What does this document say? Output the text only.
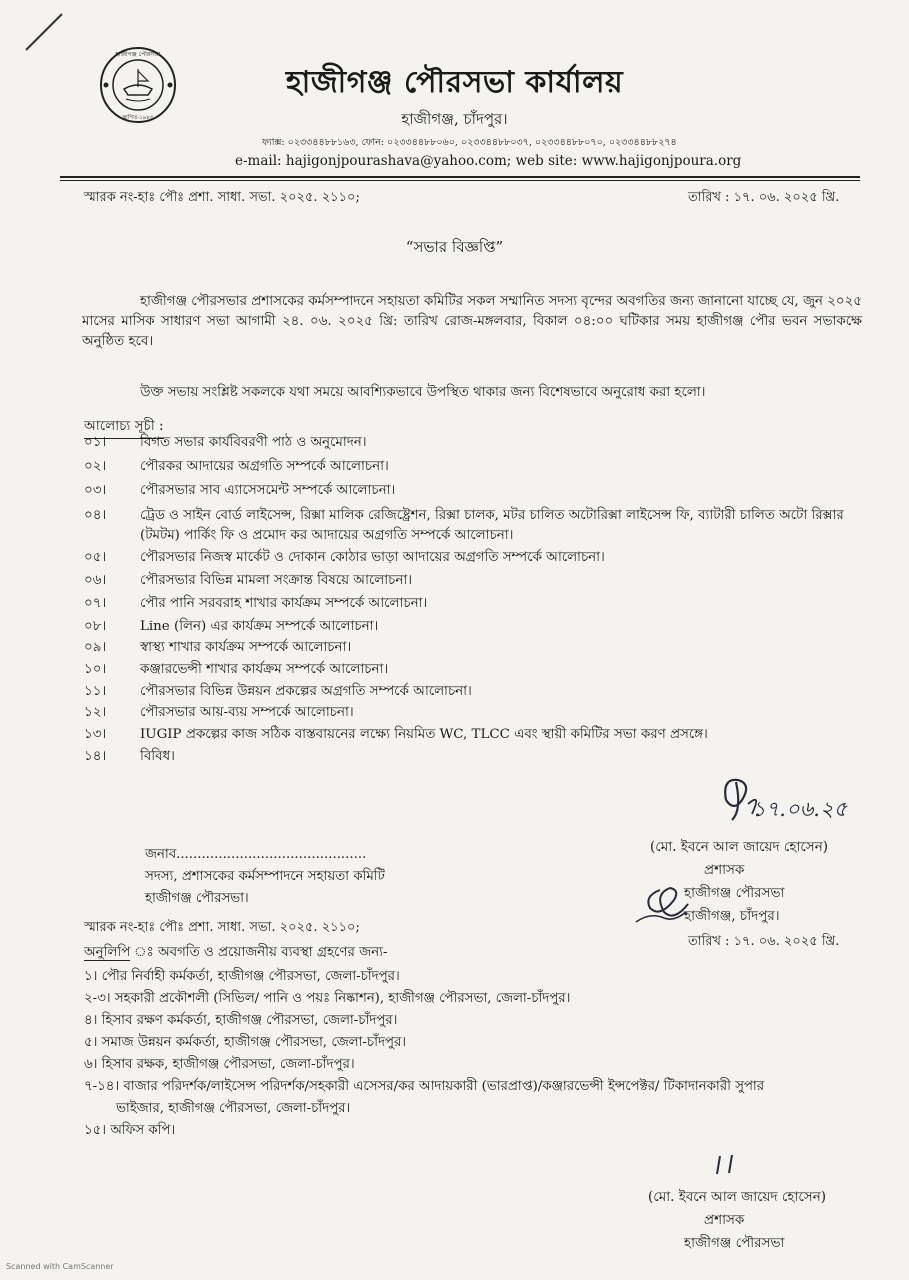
হাজীগঞ্জ পৌরসভা
স্থাপিত-১৯৮৫
হাজীগঞ্জ পৌরসভা কার্যালয়
হাজীগঞ্জ, চাঁদপুর।
ফ্যাক্স: ০২৩৩৪৪৮৮১৬৩, ফোন: ০২৩৩৪৪৮৮০৬০, ০২৩৩৪৪৮৮০৩৭, ০২৩৩৪৪৮৮০৭০, ০২৩৩৪৪৮৮২৭৪
e-mail: hajigonjpourashava@yahoo.com; web site: www.hajigonjpoura.org
স্মারক নং-হাঃ পৌঃ প্রশা. সাধা. সভা. ২০২৫. ২১১০;	তারিখ : ১৭. ০৬. ২০২৫ খ্রি.
“সভার বিজ্ঞপ্তি”
হাজীগঞ্জ পৌরসভার প্রশাসকের কর্মসম্পাদনে সহায়তা কমিটির সকল সম্মানিত সদস্য বৃন্দের অবগতির জন্য জানানো যাচ্ছে যে, জুন ২০২৫ মাসের মাসিক সাধারণ সভা আগামী ২৪. ০৬. ২০২৫ খ্রি: তারিখ রোজ-মঙ্গলবার, বিকাল ০৪:০০ ঘটিকার সময় হাজীগঞ্জ পৌর ভবন সভাকক্ষে অনুষ্ঠিত হবে।
উক্ত সভায় সংশ্লিষ্ট সকলকে যথা সময়ে আবশ্যিকভাবে উপস্থিত থাকার জন্য বিশেষভাবে অনুরোধ করা হলো।
আলোচ্য সূচী :
০১।	বিগত সভার কার্যবিবরণী পাঠ ও অনুমোদন।
০২।	পৌরকর আদায়ের অগ্রগতি সম্পর্কে আলোচনা।
০৩।	পৌরসভার সাব এ্যাসেসমেন্ট সম্পর্কে আলোচনা।
০৪।	ট্রেড ও সাইন বোর্ড লাইসেন্স, রিক্সা মালিক রেজিষ্ট্রেশন, রিক্সা চালক, মটর চালিত অটোরিক্সা লাইসেন্স ফি, ব্যাটারী চালিত অটো রিক্সার (টমটম) পার্কিং ফি ও প্রমোদ কর আদায়ের অগ্রগতি সম্পর্কে আলোচনা।
০৫।	পৌরসভার নিজস্ব মার্কেট ও দোকান কোঠার ভাড়া আদায়ের অগ্রগতি সম্পর্কে আলোচনা।
০৬।	পৌরসভার বিভিন্ন মামলা সংক্রান্ত বিষয়ে আলোচনা।
০৭।	পৌর পানি সরবরাহ শাখার কার্যক্রম সম্পর্কে আলোচনা।
০৮।	Line (লিন) এর কার্যক্রম সম্পর্কে আলোচনা।
০৯।	স্বাস্থ্য শাখার কার্যক্রম সম্পর্কে আলোচনা।
১০।	কঞ্জারভেন্সী শাখার কার্যক্রম সম্পর্কে আলোচনা।
১১।	পৌরসভার বিভিন্ন উন্নয়ন প্রকল্পের অগ্রগতি সম্পর্কে আলোচনা।
১২।	পৌরসভার আয়-ব্যয় সম্পর্কে আলোচনা।
১৩।	IUGIP প্রকল্পের কাজ সঠিক বাস্তবায়নের লক্ষ্যে নিয়মিত WC, TLCC এবং স্থায়ী কমিটির সভা করণ প্রসঙ্গে।
১৪।	বিবিধ।
১৭.০৬.২৫
জনাব.............................................
সদস্য, প্রশাসকের কর্মসম্পাদনে সহায়তা কমিটি
হাজীগঞ্জ পৌরসভা।
(মো. ইবনে আল জায়েদ হোসেন)
প্রশাসক
হাজীগঞ্জ পৌরসভা
হাজীগঞ্জ, চাঁদপুর।
স্মারক নং-হাঃ পৌঃ প্রশা. সাধা. সভা. ২০২৫. ২১১০;
তারিখ : ১৭. ০৬. ২০২৫ খ্রি.
অনুলিপি ঃ অবগতি ও প্রয়োজনীয় ব্যবস্থা গ্রহণের জন্য-
১। পৌর নির্বাহী কর্মকর্তা, হাজীগঞ্জ পৌরসভা, জেলা-চাঁদপুর।
২-৩। সহকারী প্রকৌশলী (সিভিল/ পানি ও পয়ঃ নিষ্কাশন), হাজীগঞ্জ পৌরসভা, জেলা-চাঁদপুর।
৪। হিসাব রক্ষণ কর্মকর্তা, হাজীগঞ্জ পৌরসভা, জেলা-চাঁদপুর।
৫। সমাজ উন্নয়ন কর্মকর্তা, হাজীগঞ্জ পৌরসভা, জেলা-চাঁদপুর।
৬। হিসাব রক্ষক, হাজীগঞ্জ পৌরসভা, জেলা-চাঁদপুর।
৭-১৪। বাজার পরিদর্শক/লাইসেন্স পরিদর্শক/সহকারী এসেসর/কর আদায়কারী (ভারপ্রাপ্ত)/কঞ্জারভেন্সী ইন্সপেক্টর/ টিকাদানকারী সুপার
ভাইজার, হাজীগঞ্জ পৌরসভা, জেলা-চাঁদপুর।
১৫। অফিস কপি।
(মো. ইবনে আল জায়েদ হোসেন)
প্রশাসক
হাজীগঞ্জ পৌরসভা
Scanned with CamScanner
